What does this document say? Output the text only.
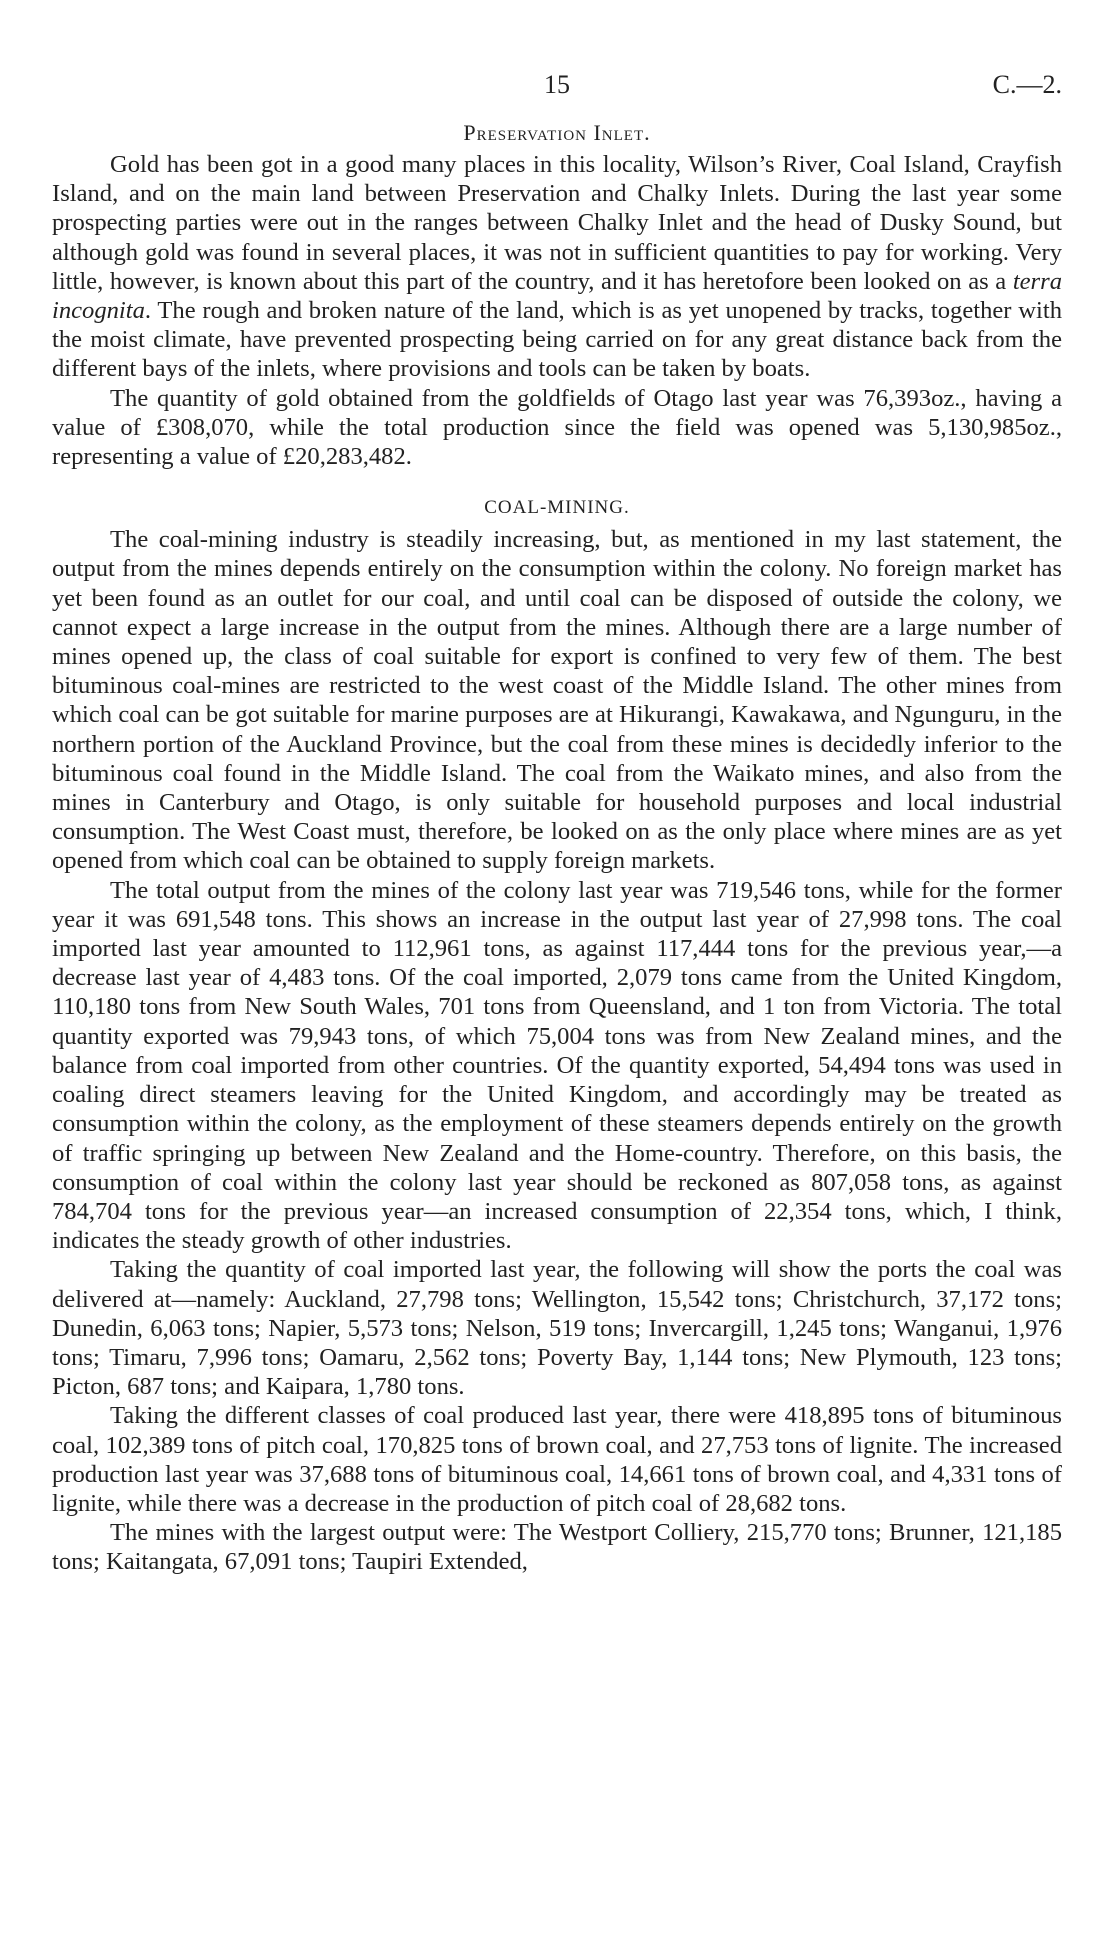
15	C.—2.
Preservation Inlet.

Gold has been got in a good many places in this locality, Wilson’s River, Coal Island, Crayfish Island, and on the main land between Preservation and Chalky Inlets. During the last year some prospecting parties were out in the ranges between Chalky Inlet and the head of Dusky Sound, but although gold was found in several places, it was not in sufficient quantities to pay for working. Very little, however, is known about this part of the country, and it has heretofore been looked on as a terra incognita. The rough and broken nature of the land, which is as yet unopened by tracks, together with the moist climate, have prevented prospecting being carried on for any great distance back from the different bays of the inlets, where provisions and tools can be taken by boats.

The quantity of gold obtained from the goldfields of Otago last year was 76,393oz., having a value of £308,070, while the total production since the field was opened was 5,130,985oz., representing a value of £20,283,482.

COAL-MINING.

The coal-mining industry is steadily increasing, but, as mentioned in my last statement, the output from the mines depends entirely on the consumption within the colony. No foreign market has yet been found as an outlet for our coal, and until coal can be disposed of outside the colony, we cannot expect a large increase in the output from the mines. Although there are a large number of mines opened up, the class of coal suitable for export is confined to very few of them. The best bituminous coal-mines are restricted to the west coast of the Middle Island. The other mines from which coal can be got suitable for marine purposes are at Hikurangi, Kawakawa, and Ngunguru, in the northern portion of the Auckland Province, but the coal from these mines is decidedly inferior to the bituminous coal found in the Middle Island. The coal from the Waikato mines, and also from the mines in Canterbury and Otago, is only suitable for household purposes and local industrial consumption. The West Coast must, therefore, be looked on as the only place where mines are as yet opened from which coal can be obtained to supply foreign markets.

The total output from the mines of the colony last year was 719,546 tons, while for the former year it was 691,548 tons. This shows an increase in the output last year of 27,998 tons. The coal imported last year amounted to 112,961 tons, as against 117,444 tons for the previous year,—a decrease last year of 4,483 tons. Of the coal imported, 2,079 tons came from the United Kingdom, 110,180 tons from New South Wales, 701 tons from Queensland, and 1 ton from Victoria. The total quantity exported was 79,943 tons, of which 75,004 tons was from New Zealand mines, and the balance from coal imported from other countries. Of the quantity exported, 54,494 tons was used in coaling direct steamers leaving for the United Kingdom, and accordingly may be treated as consumption within the colony, as the employment of these steamers depends entirely on the growth of traffic springing up between New Zealand and the Home-country. Therefore, on this basis, the consumption of coal within the colony last year should be reckoned as 807,058 tons, as against 784,704 tons for the previous year—an increased consumption of 22,354 tons, which, I think, indicates the steady growth of other industries.

Taking the quantity of coal imported last year, the following will show the ports the coal was delivered at—namely: Auckland, 27,798 tons; Wellington, 15,542 tons; Christchurch, 37,172 tons; Dunedin, 6,063 tons; Napier, 5,573 tons; Nelson, 519 tons; Invercargill, 1,245 tons; Wanganui, 1,976 tons; Timaru, 7,996 tons; Oamaru, 2,562 tons; Poverty Bay, 1,144 tons; New Plymouth, 123 tons; Picton, 687 tons; and Kaipara, 1,780 tons.

Taking the different classes of coal produced last year, there were 418,895 tons of bituminous coal, 102,389 tons of pitch coal, 170,825 tons of brown coal, and 27,753 tons of lignite. The increased production last year was 37,688 tons of bituminous coal, 14,661 tons of brown coal, and 4,331 tons of lignite, while there was a decrease in the production of pitch coal of 28,682 tons.

The mines with the largest output were: The Westport Colliery, 215,770 tons; Brunner, 121,185 tons; Kaitangata, 67,091 tons; Taupiri Extended,
